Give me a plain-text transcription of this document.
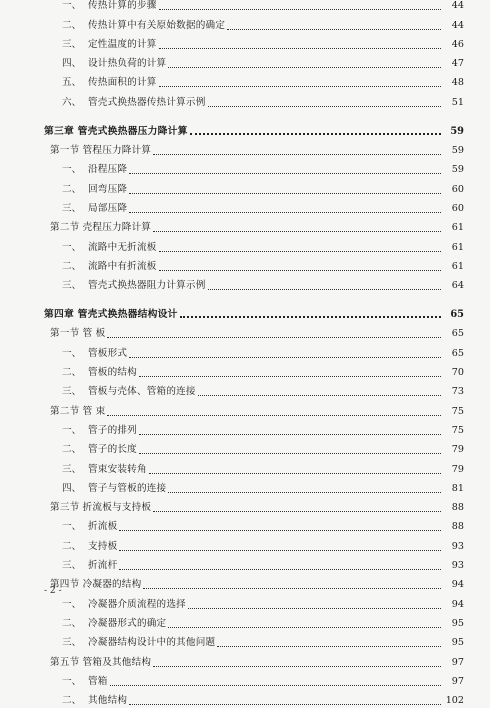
一、 传热计算的步骤	44
二、 传热计算中有关原始数据的确定	44
三、 定性温度的计算	46
四、 设计热负荷的计算	47
五、 传热面积的计算	48
六、 管壳式换热器传热计算示例	51
第三章 管壳式换热器压力降计算	59
第一节 管程压力降计算	59
一、 沿程压降	59
二、 回弯压降	60
三、 局部压降	60
第二节 壳程压力降计算	61
一、 流路中无折流板	61
二、 流路中有折流板	61
三、 管壳式换热器阻力计算示例	64
第四章 管壳式换热器结构设计	65
第一节 管 板	65
一、 管板形式	65
二、 管板的结构	70
三、 管板与壳体、管箱的连接	73
第二节 管 束	75
一、 管子的排列	75
二、 管子的长度	79
三、 管束安装转角	79
四、 管子与管板的连接	81
第三节 折流板与支持板	88
一、 折流板	88
二、 支持板	93
三、 折流杆	93
第四节 冷凝器的结构	94
一、 冷凝器介质流程的选择	94
二、 冷凝器形式的确定	95
三、 冷凝器结构设计中的其他问题	95
第五节 管箱及其他结构	97
一、 管箱	97
二、 其他结构	102
- 2 -
